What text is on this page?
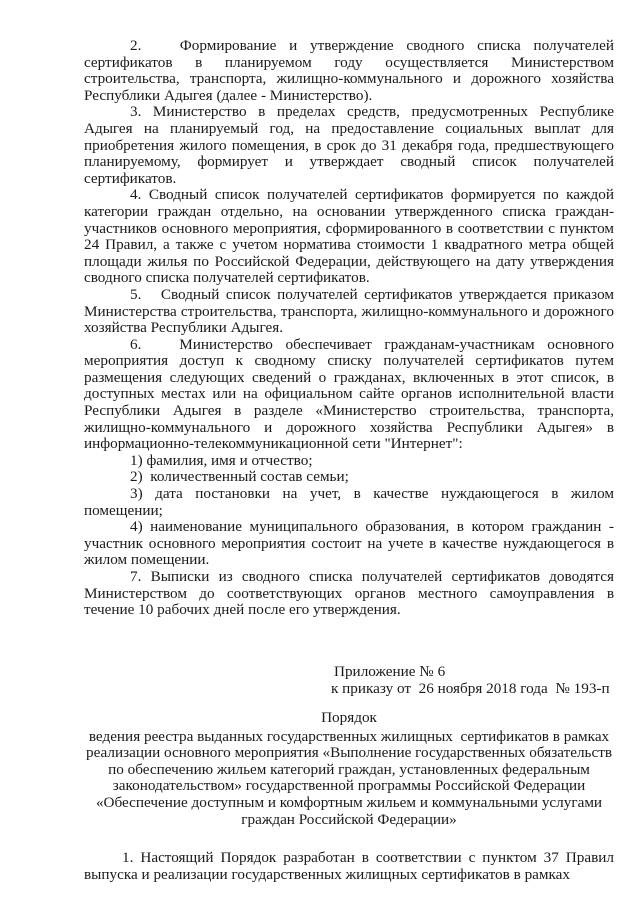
2.   Формирование и утверждение сводного списка получателей сертификатов в планируемом году осуществляется Министерством строительства, транспорта, жилищно-коммунального и дорожного хозяйства Республики Адыгея (далее - Министерство).

3. Министерство в пределах средств, предусмотренных Республике Адыгея на планируемый год, на предоставление социальных выплат для приобретения жилого помещения, в срок до 31 декабря года, предшествующего планируемому, формирует и утверждает сводный список получателей сертификатов.

4. Сводный список получателей сертификатов формируется по каждой категории граждан отдельно, на основании утвержденного списка граждан-участников основного мероприятия, сформированного в соответствии с пунктом 24 Правил, а также с учетом норматива стоимости 1 квадратного метра общей площади жилья по Российской Федерации, действующего на дату утверждения сводного списка получателей сертификатов.

5.   Сводный список получателей сертификатов утверждается приказом Министерства строительства, транспорта, жилищно-коммунального и дорожного хозяйства Республики Адыгея.

6.   Министерство обеспечивает гражданам-участникам основного мероприятия доступ к сводному списку получателей сертификатов путем размещения следующих сведений о гражданах, включенных в этот список, в доступных местах или на официальном сайте органов исполнительной власти Республики Адыгея в разделе «Министерство строительства, транспорта, жилищно-коммунального и дорожного хозяйства Республики Адыгея» в информационно-телекоммуникационной сети "Интернет":

1) фамилия, имя и отчество;

2)  количественный состав семьи;

3) дата постановки на учет, в качестве нуждающегося в жилом помещении;

4) наименование муниципального образования, в котором гражданин - участник основного мероприятия состоит на учете в качестве нуждающегося в жилом помещении.

7. Выписки из сводного списка получателей сертификатов доводятся Министерством до соответствующих органов местного самоуправления в течение 10 рабочих дней после его утверждения.

Приложение № 6
к приказу от  26 ноября 2018 года  № 193-п
Порядок

ведения реестра выданных государственных жилищных  сертификатов в рамках реализации основного мероприятия «Выполнение государственных обязательств по обеспечению жильем категорий граждан, установленных федеральным законодательством» государственной программы Российской Федерации «Обеспечение доступным и комфортным жильем и коммунальными услугами граждан Российской Федерации»

1. Настоящий Порядок разработан в соответствии с пунктом 37 Правил выпуска и реализации государственных жилищных сертификатов в рамках
